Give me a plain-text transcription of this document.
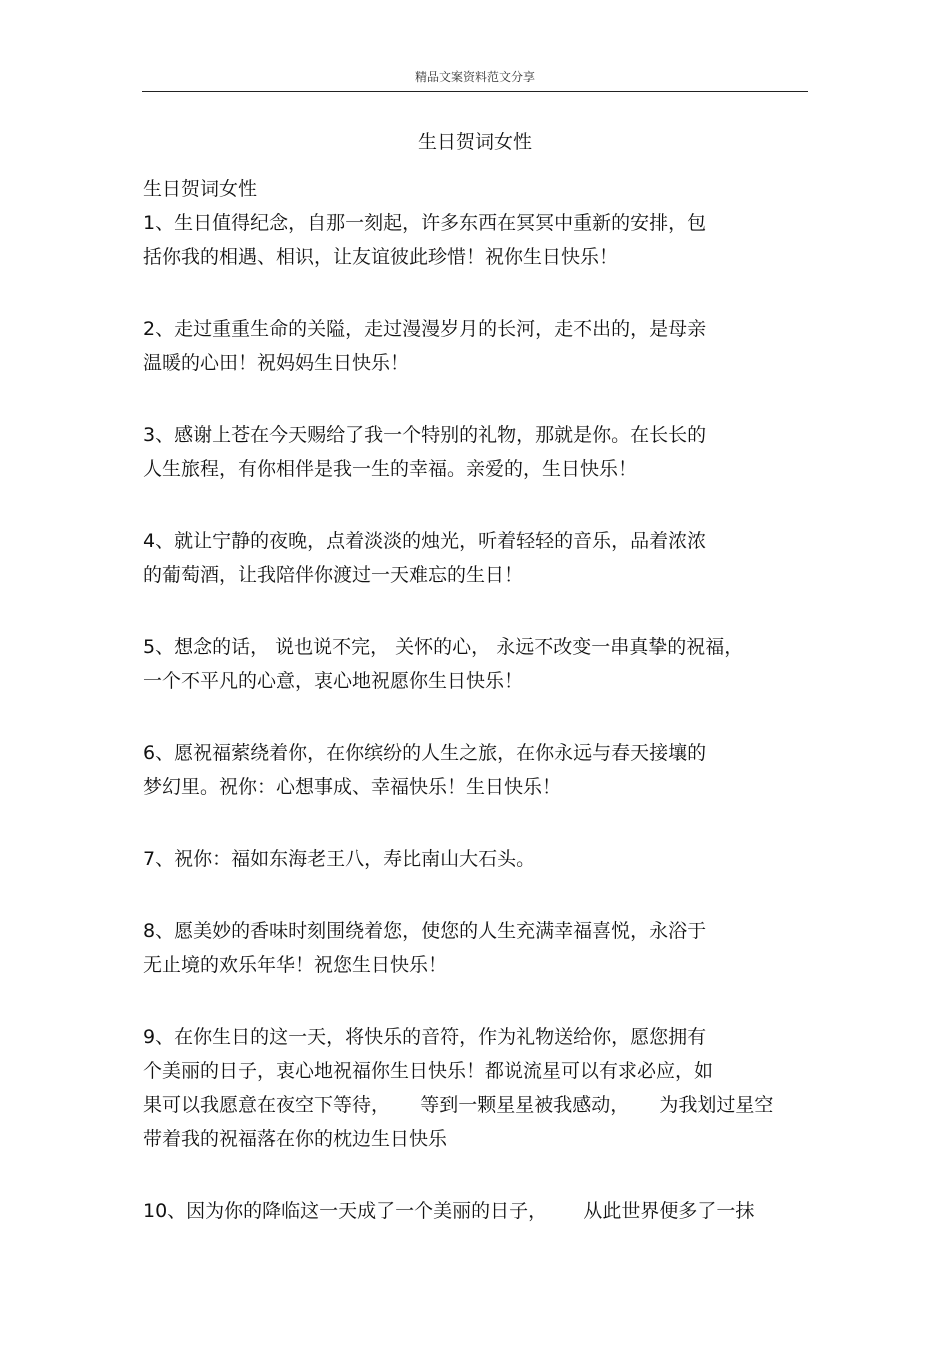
精品文案资料范文分享
生日贺词女性

生日贺词女性

1、生日值得纪念，自那一刻起，许多东西在冥冥中重新的安排，包
括你我的相遇、相识，让友谊彼此珍惜！祝你生日快乐！
2、走过重重生命的关隘，走过漫漫岁月的长河，走不出的，是母亲
温暖的心田！祝妈妈生日快乐！
3、感谢上苍在今天赐给了我一个特别的礼物，那就是你。在长长的
人生旅程，有你相伴是我一生的幸福。亲爱的，生日快乐！
4、就让宁静的夜晚，点着淡淡的烛光，听着轻轻的音乐，品着浓浓
的葡萄酒，让我陪伴你渡过一天难忘的生日！
5、想念的话， 说也说不完， 关怀的心， 永远不改变一串真挚的祝福，
一个不平凡的心意，衷心地祝愿你生日快乐！
6、愿祝福萦绕着你，在你缤纷的人生之旅，在你永远与春天接壤的
梦幻里。祝你：心想事成、幸福快乐！生日快乐！
7、祝你：福如东海老王八，寿比南山大石头。
8、愿美妙的香味时刻围绕着您，使您的人生充满幸福喜悦，永浴于
无止境的欢乐年华！祝您生日快乐！
9、在你生日的这一天，将快乐的音符，作为礼物送给你，愿您拥有
个美丽的日子，衷心地祝福你生日快乐！都说流星可以有求必应，如
果可以我愿意在夜空下等待，     等到一颗星星被我感动，     为我划过星空
带着我的祝福落在你的枕边生日快乐
10、因为你的降临这一天成了一个美丽的日子，      从此世界便多了一抹
